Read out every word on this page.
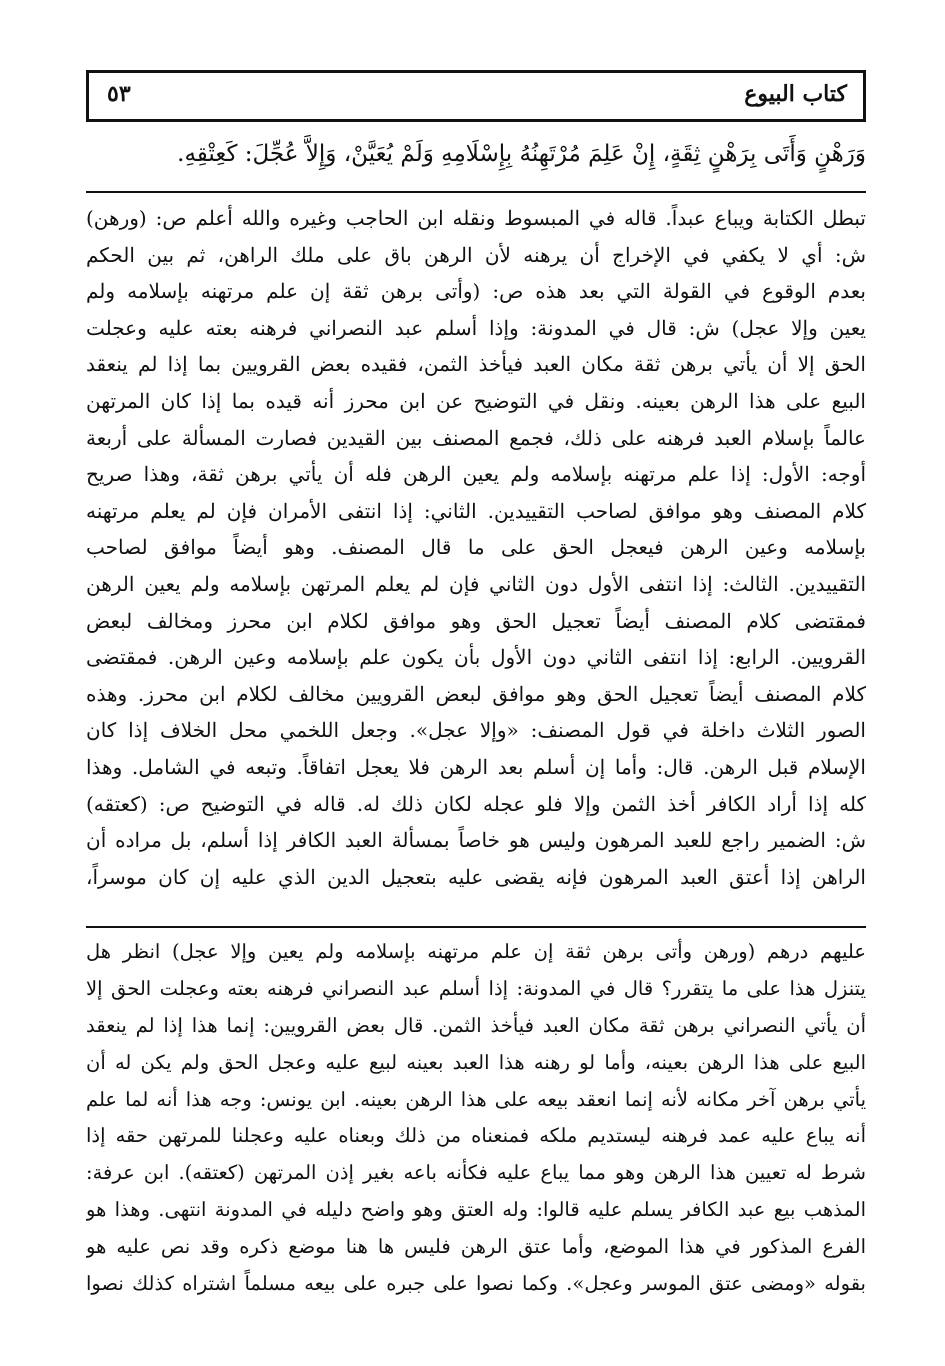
كتاب البيوع
٥٣
وَرَهْنٍ وَأَتَى بِرَهْنٍ ثِقَةٍ، إِنْ عَلِمَ مُرْتَهِنُهُ بِإِسْلَامِهِ وَلَمْ يُعَيَّنْ، وَإِلاَّ عُجِّلَ: كَعِتْقِهِ.
تبطل الكتابة ويباع عبداً. قاله في المبسوط ونقله ابن الحاجب وغيره والله أعلم ص: (ورهن)
ش: أي لا يكفي في الإخراج أن يرهنه لأن الرهن باق على ملك الراهن، ثم بين الحكم
بعدم الوقوع في القولة التي بعد هذه ص: (وأتى برهن ثقة إن علم مرتهنه بإسلامه ولم
يعين وإلا عجل) ش: قال في المدونة: وإذا أسلم عبد النصراني فرهنه بعته عليه وعجلت
الحق إلا أن يأتي برهن ثقة مكان العبد فيأخذ الثمن، فقيده بعض القرويين بما إذا لم ينعقد
البيع على هذا الرهن بعينه. ونقل في التوضيح عن ابن محرز أنه قيده بما إذا كان المرتهن
عالماً بإسلام العبد فرهنه على ذلك، فجمع المصنف بين القيدين فصارت المسألة على أربعة
أوجه: الأول: إذا علم مرتهنه بإسلامه ولم يعين الرهن فله أن يأتي برهن ثقة، وهذا صريح
كلام المصنف وهو موافق لصاحب التقييدين. الثاني: إذا انتفى الأمران فإن لم يعلم مرتهنه
بإسلامه وعين الرهن فيعجل الحق على ما قال المصنف. وهو أيضاً موافق لصاحب
التقييدين. الثالث: إذا انتفى الأول دون الثاني فإن لم يعلم المرتهن بإسلامه ولم يعين الرهن
فمقتضى كلام المصنف أيضاً تعجيل الحق وهو موافق لكلام ابن محرز ومخالف لبعض
القرويين. الرابع: إذا انتفى الثاني دون الأول بأن يكون علم بإسلامه وعين الرهن. فمقتضى
كلام المصنف أيضاً تعجيل الحق وهو موافق لبعض القرويين مخالف لكلام ابن محرز. وهذه
الصور الثلاث داخلة في قول المصنف: «وإلا عجل». وجعل اللخمي محل الخلاف إذا كان
الإسلام قبل الرهن. قال: وأما إن أسلم بعد الرهن فلا يعجل اتفاقاً. وتبعه في الشامل. وهذا
كله إذا أراد الكافر أخذ الثمن وإلا فلو عجله لكان ذلك له. قاله في التوضيح ص: (كعتقه)
ش: الضمير راجع للعبد المرهون وليس هو خاصاً بمسألة العبد الكافر إذا أسلم، بل مراده أن
الراهن إذا أعتق العبد المرهون فإنه يقضى عليه بتعجيل الدين الذي عليه إن كان موسراً،
عليهم درهم (ورهن وأتى برهن ثقة إن علم مرتهنه بإسلامه ولم يعين وإلا عجل) انظر هل
يتنزل هذا على ما يتقرر؟ قال في المدونة: إذا أسلم عبد النصراني فرهنه بعته وعجلت الحق إلا
أن يأتي النصراني برهن ثقة مكان العبد فيأخذ الثمن. قال بعض القرويين: إنما هذا إذا لم ينعقد
البيع على هذا الرهن بعينه، وأما لو رهنه هذا العبد بعينه لبيع عليه وعجل الحق ولم يكن له أن
يأتي برهن آخر مكانه لأنه إنما انعقد بيعه على هذا الرهن بعينه. ابن يونس: وجه هذا أنه لما علم
أنه يباع عليه عمد فرهنه ليستديم ملكه فمنعناه من ذلك وبعناه عليه وعجلنا للمرتهن حقه إذا
شرط له تعيين هذا الرهن وهو مما يباع عليه فكأنه باعه بغير إذن المرتهن (كعتقه). ابن عرفة:
المذهب بيع عبد الكافر يسلم عليه قالوا: وله العتق وهو واضح دليله في المدونة انتهى. وهذا هو
الفرع المذكور في هذا الموضع، وأما عتق الرهن فليس ها هنا موضع ذكره وقد نص عليه هو
بقوله «ومضى عتق الموسر وعجل». وكما نصوا على جبره على بيعه مسلماً اشتراه كذلك نصوا
